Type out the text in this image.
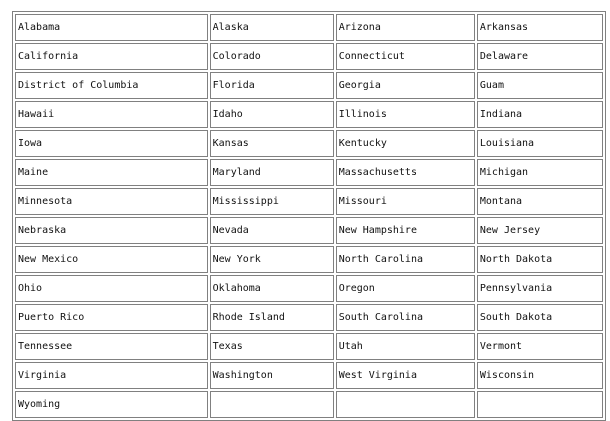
Alabama	Alaska	Arizona	Arkansas
California	Colorado	Connecticut	Delaware
District of Columbia	Florida	Georgia	Guam
Hawaii	Idaho	Illinois	Indiana
Iowa	Kansas	Kentucky	Louisiana
Maine	Maryland	Massachusetts	Michigan
Minnesota	Mississippi	Missouri	Montana
Nebraska	Nevada	New Hampshire	New Jersey
New Mexico	New York	North Carolina	North Dakota
Ohio	Oklahoma	Oregon	Pennsylvania
Puerto Rico	Rhode Island	South Carolina	South Dakota
Tennessee	Texas	Utah	Vermont
Virginia	Washington	West Virginia	Wisconsin
Wyoming			
